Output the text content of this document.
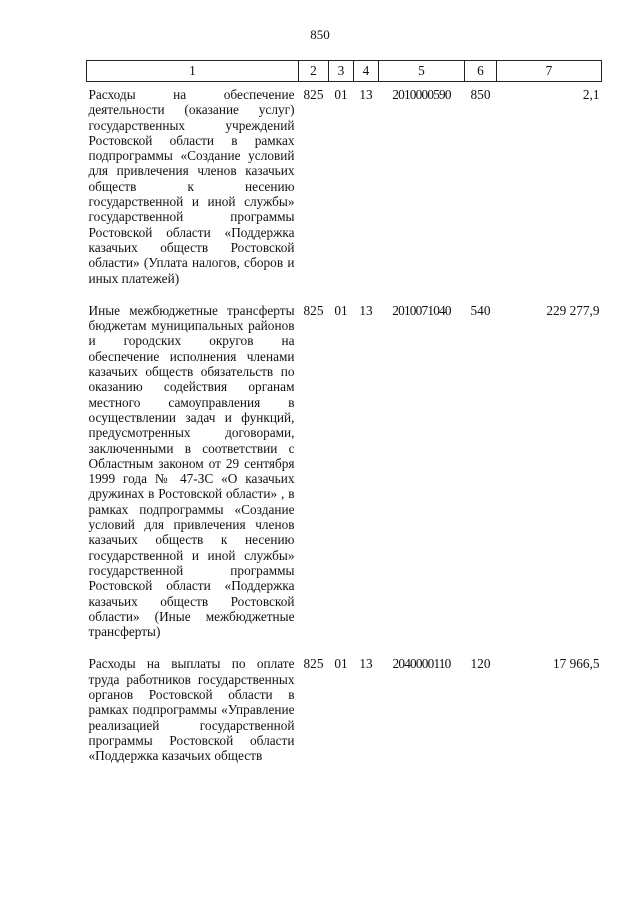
850
1	2	3	4	5	6	7
Расходы на обеспечение деятельности (оказание услуг) государственных учреждений Ростовской области в рамках подпрограммы «Создание условий для привлечения членов казачьих обществ к несению государственной и иной службы» государственной программы Ростовской области «Поддержка казачьих обществ Ростовской области» (Уплата налогов, сборов и иных платежей)	825	01	13	2010000590	850	2,1
Иные межбюджетные трансферты бюджетам муниципальных районов и городских округов на обеспечение исполнения членами казачьих обществ обязательств по оказанию содействия органам местного самоуправления в осуществлении задач и функций, предусмотренных договорами, заключенными в соответствии с Областным законом от 29 сентября 1999 года № 47-ЗС «О казачьих дружинах в Ростовской области» , в рамках подпрограммы «Создание условий для привлечения членов казачьих обществ к несению государственной и иной службы» государственной программы Ростовской области «Поддержка казачьих обществ Ростовской области» (Иные межбюджетные трансферты)	825	01	13	2010071040	540	229 277,9
Расходы на выплаты по оплате труда работников государственных органов Ростовской области в рамках подпрограммы «Управление реализацией государственной программы Ростовской области «Поддержка казачьих обществ	825	01	13	2040000110	120	17 966,5
